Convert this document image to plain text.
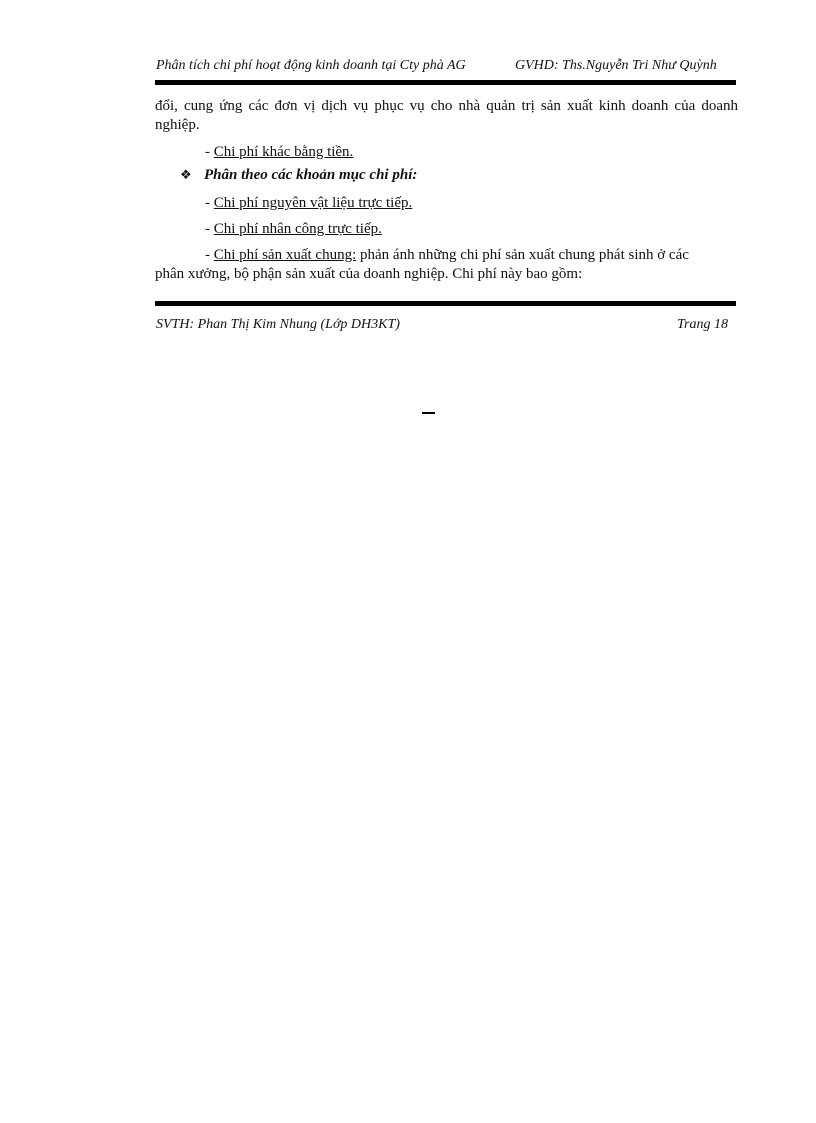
Phân tích chi phí hoạt động kinh doanh tại Cty phà AG	GVHD: Ths.Nguyễn Tri Như Quỳnh
đổi, cung ứng các đơn vị dịch vụ phục vụ cho nhà quản trị sản xuất kinh doanh của doanh nghiệp.
- Chi phí khác bằng tiền.
❖ Phân theo các khoản mục chi phí:
- Chi phí nguyên vật liệu trực tiếp.
- Chi phí nhân công trực tiếp.
- Chi phí sản xuất chung: phản ánh những chi phí sản xuất chung phát sinh ở các
phân xưởng, bộ phận sản xuất của doanh nghiệp. Chi phí này bao gồm:
SVTH: Phan Thị Kim Nhung (Lớp DH3KT)	Trang 18
